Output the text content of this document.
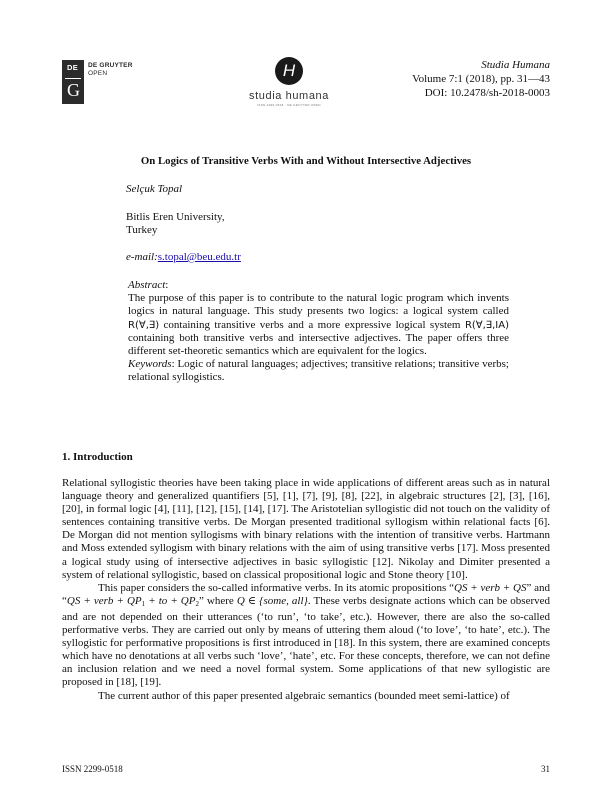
DE
G
DE GRUYTER
OPEN	H
studia humana
ISSN 2299-0518 · DE GRUYTER OPEN
Studia Humana
Volume 7:1 (2018), pp. 31—43
DOI: 10.2478/sh-2018-0003
On Logics of Transitive Verbs With and Without Intersective Adjectives
Selçuk Topal
Bitlis Eren University,
Turkey
e-mail:s.topal@beu.edu.tr
Abstract:
The purpose of this paper is to contribute to the natural logic program which invents logics in natural language. This study presents two logics: a logical system called R(∀,∃) containing transitive verbs and a more expressive logical system R(∀,∃,IA) containing both transitive verbs and intersective adjectives. The paper offers three different set-theoretic semantics which are equivalent for the logics.
Keywords: Logic of natural languages; adjectives; transitive relations; transitive verbs; relational syllogistics.
1. Introduction

Relational syllogistic theories have been taking place in wide applications of different areas such as in natural language theory and generalized quantifiers [5], [1], [7], [9], [8], [22], in algebraic structures [2], [3], [16], [20], in formal logic [4], [11], [12], [15], [14], [17]. The Aristotelian syllogistic did not touch on the validity of sentences containing transitive verbs. De Morgan presented traditional syllogism within relational facts [6]. De Morgan did not mention syllogisms with binary relations with the intention of transitive verbs. Hartmann and Moss extended syllogism with binary relations with the aim of using transitive verbs [17]. Moss presented a logical study using of intersective adjectives in basic syllogistic [12]. Nikolay and Dimiter presented a system of relational syllogistic, based on classical propositional logic and Stone theory [10].

This paper considers the so-called informative verbs. In its atomic propositions “QS + verb + QS” and “QS + verb + $QP_1$ + to + $QP_2$” where Q ∈ {some, all}. These verbs designate actions which can be observed and are not depended on their utterances (‘to run’, ‘to take’, etc.). However, there are also the so-called performative verbs. They are carried out only by means of uttering them aloud (‘to love’, ‘to hate’, etc.). The syllogistic for performative propositions is first introduced in [18]. In this system, there are examined concepts which have no denotations at all verbs such ‘love’, ‘hate’, etc. For these concepts, therefore, we can not define an inclusion relation and we need a novel formal system. Some applications of that new syllogistic are proposed in [18], [19].

The current author of this paper presented algebraic semantics (bounded meet semi-lattice) of

ISSN 2299-0518	31
